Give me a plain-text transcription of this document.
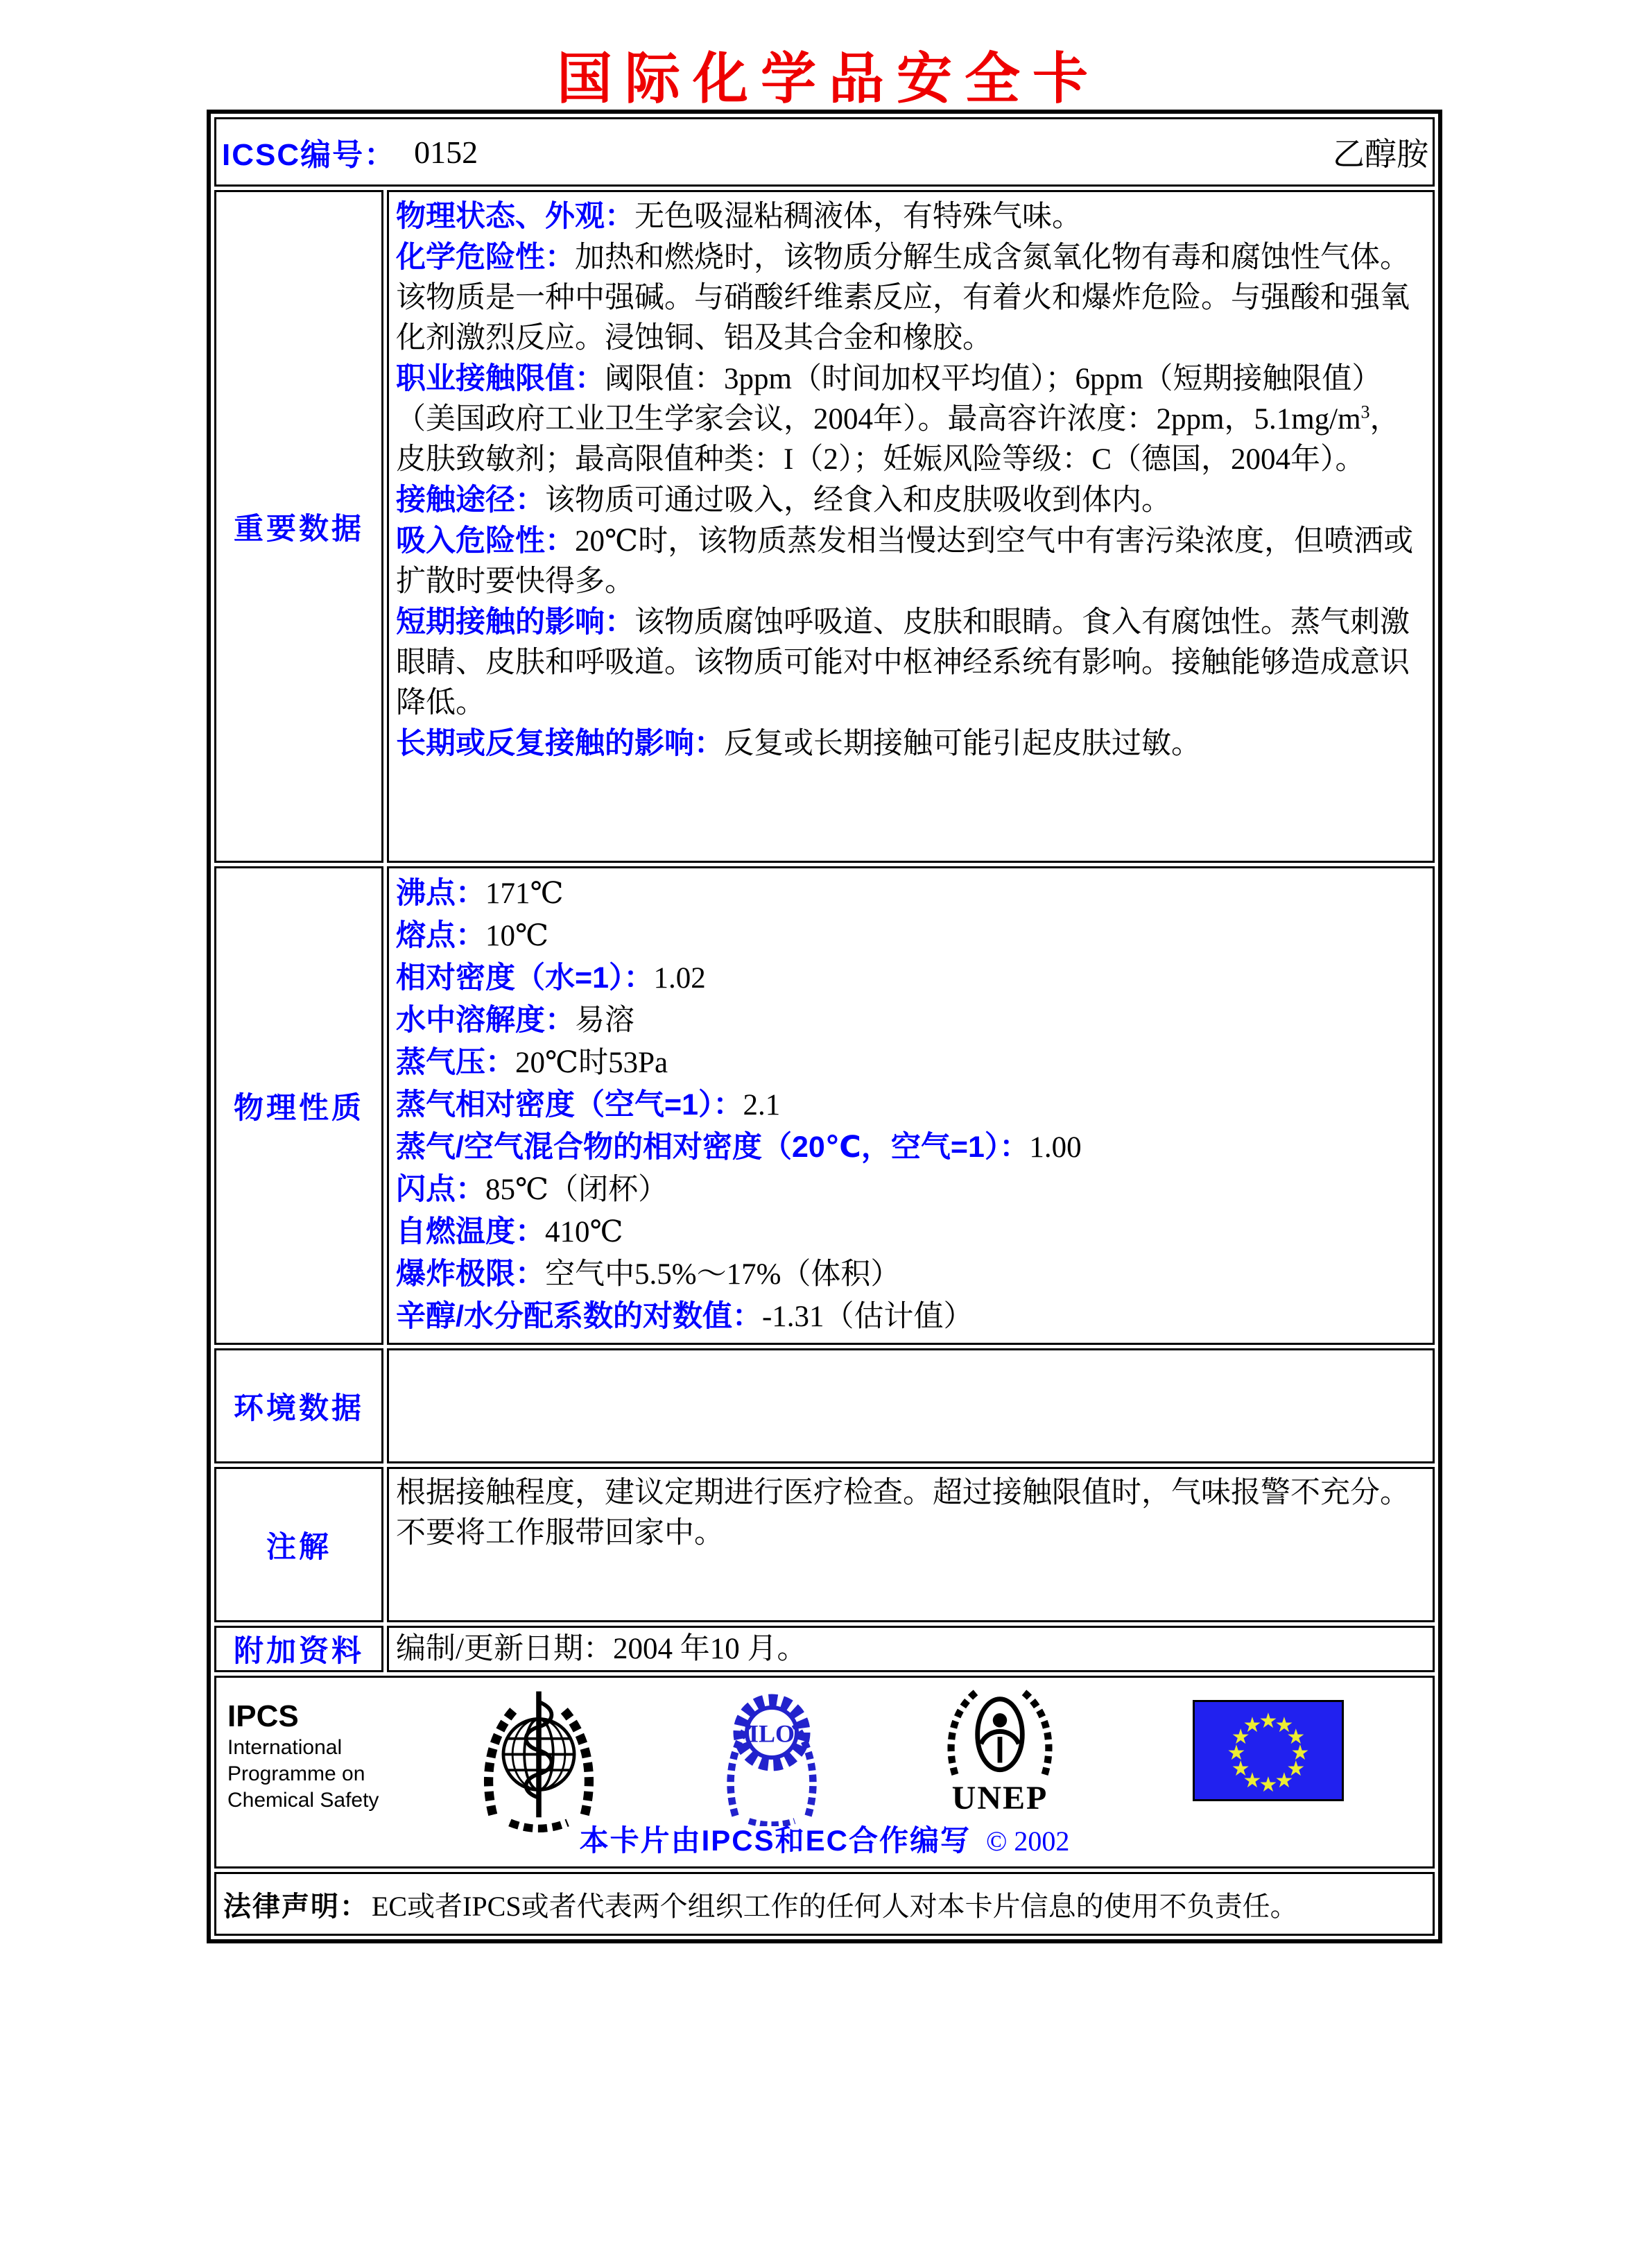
国际化学品安全卡
ICSC编号： 0152 乙醇胺	

重要数据	
物理状态、外观：无色吸湿粘稠液体，有特殊气味。
化学危险性：加热和燃烧时，该物质分解生成含氮氧化物有毒和腐蚀性气体。该物质是一种中强碱。与硝酸纤维素反应，有着火和爆炸危险。与强酸和强氧化剂激烈反应。浸蚀铜、铝及其合金和橡胶。
职业接触限值：阈限值：3ppm（时间加权平均值）；6ppm（短期接触限值）（美国政府工业卫生学家会议，2004年）。最高容许浓度：2ppm，$5.1mg/m^3$，皮肤致敏剂；最高限值种类：I（2）；妊娠风险等级：C（德国，2004年）。
接触途径：该物质可通过吸入，经食入和皮肤吸收到体内。
吸入危险性：20℃时，该物质蒸发相当慢达到空气中有害污染浓度，但喷洒或扩散时要快得多。
短期接触的影响：该物质腐蚀呼吸道、皮肤和眼睛。食入有腐蚀性。蒸气刺激眼睛、皮肤和呼吸道。该物质可能对中枢神经系统有影响。接触能够造成意识降低。
长期或反复接触的影响：反复或长期接触可能引起皮肤过敏。

物理性质	
沸点：171℃
熔点：10℃
相对密度（水=1）：1.02
水中溶解度：易溶
蒸气压：20℃时53Pa
蒸气相对密度（空气=1）：2.1
蒸气/空气混合物的相对密度（20℃，空气=1）：1.00
闪点：85℃（闭杯）
自燃温度：410℃
爆炸极限：空气中5.5%～17%（体积）
辛醇/水分配系数的对数值：-1.31（估计值）

环境数据	
注解	根据接触程度，建议定期进行医疗检查。超过接触限值时，气味报警不充分。不要将工作服带回家中。
附加资料	编制/更新日期：2004 年10 月。

IPCS
International
Programme on
Chemical Safety
ILO
UNEP
★
★
★
★
★
★
★
★
★
★
★
★
本卡片由IPCS和EC合作编写 © 2002

法律声明： EC或者IPCS或者代表两个组织工作的任何人对本卡片信息的使用不负责任。	
